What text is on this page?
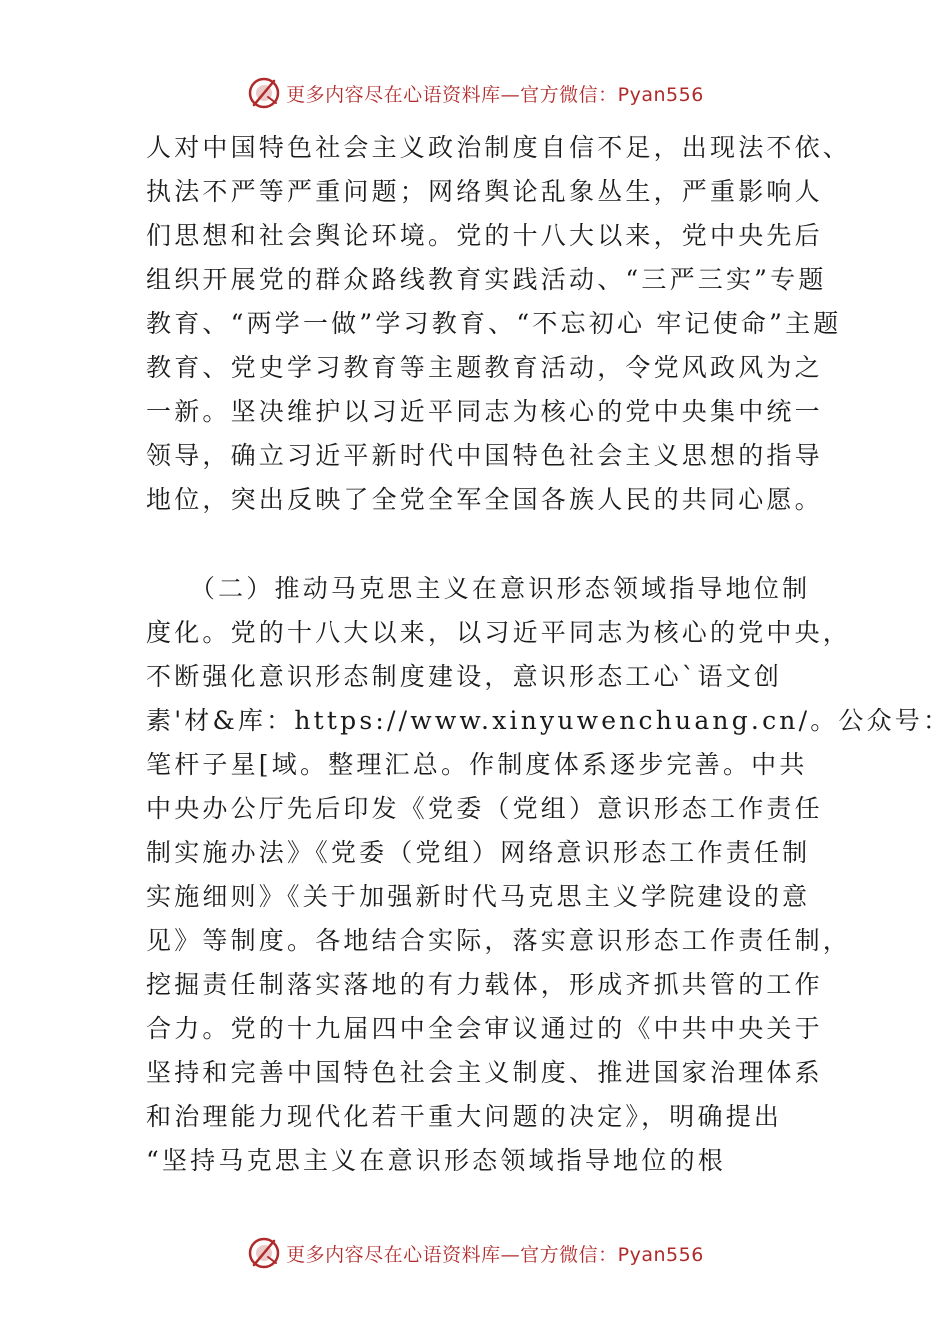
更多内容尽在心语资料库—官方微信：Pyan556
人对中国特色社会主义政治制度自信不足，出现法不依、
执法不严等严重问题；网络舆论乱象丛生，严重影响人
们思想和社会舆论环境。党的十八大以来，党中央先后
组织开展党的群众路线教育实践活动、“三严三实”专题
教育、“两学一做”学习教育、“不忘初心 牢记使命”主题
教育、党史学习教育等主题教育活动，令党风政风为之
一新。坚决维护以习近平同志为核心的党中央集中统一
领导，确立习近平新时代中国特色社会主义思想的指导
地位，突出反映了全党全军全国各族人民的共同心愿。
　　（二）推动马克思主义在意识形态领域指导地位制
度化。党的十八大以来，以习近平同志为核心的党中央，
不断强化意识形态制度建设，意识形态工心`语文创
素'材&库：https://www.xinyuwenchuang.cn/。公众号：
笔杆子星[域。整理汇总。作制度体系逐步完善。中共
中央办公厅先后印发《党委（党组）意识形态工作责任
制实施办法》《党委（党组）网络意识形态工作责任制
实施细则》《关于加强新时代马克思主义学院建设的意
见》等制度。各地结合实际，落实意识形态工作责任制，
挖掘责任制落实落地的有力载体，形成齐抓共管的工作
合力。党的十九届四中全会审议通过的《中共中央关于
坚持和完善中国特色社会主义制度、推进国家治理体系
和治理能力现代化若干重大问题的决定》，明确提出
“坚持马克思主义在意识形态领域指导地位的根
更多内容尽在心语资料库—官方微信：Pyan556
